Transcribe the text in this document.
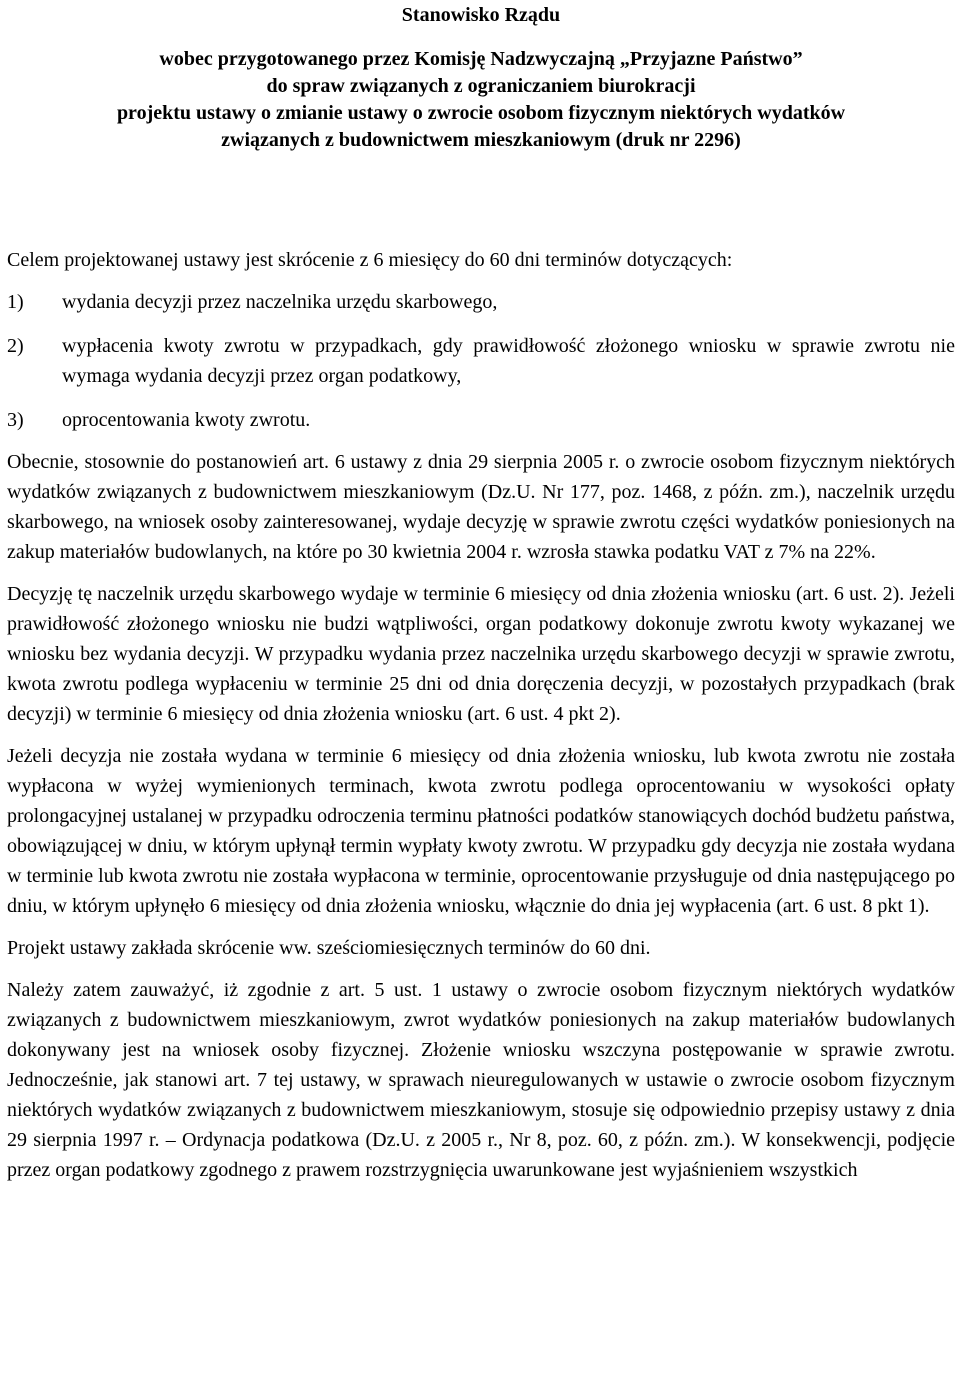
Stanowisko Rządu
wobec przygotowanego przez Komisję Nadzwyczajną „Przyjazne Państwo”
do spraw związanych z ograniczaniem biurokracji
projektu ustawy o zmianie ustawy o zwrocie osobom fizycznym niektórych wydatków
związanych z budownictwem mieszkaniowym (druk nr 2296)

Celem projektowanej ustawy jest skrócenie z 6 miesięcy do 60 dni terminów dotyczących:

1)	wydania decyzji przez naczelnika urzędu skarbowego,
2)	wypłacenia kwoty zwrotu w przypadkach, gdy prawidłowość złożonego wniosku w sprawie zwrotu nie wymaga wydania decyzji przez organ podatkowy,
3)	oprocentowania kwoty zwrotu.

Obecnie, stosownie do postanowień art. 6 ustawy z dnia 29 sierpnia 2005 r. o zwrocie osobom fizycznym niektórych wydatków związanych z budownictwem mieszkaniowym (Dz.U. Nr 177, poz. 1468, z późn. zm.), naczelnik urzędu skarbowego, na wniosek osoby zainteresowanej, wydaje decyzję w sprawie zwrotu części wydatków poniesionych na zakup materiałów budowlanych, na które po 30 kwietnia 2004 r. wzrosła stawka podatku VAT z 7% na 22%.

Decyzję tę naczelnik urzędu skarbowego wydaje w terminie 6 miesięcy od dnia złożenia wniosku (art. 6 ust. 2). Jeżeli prawidłowość złożonego wniosku nie budzi wątpliwości, organ podatkowy dokonuje zwrotu kwoty wykazanej we wniosku bez wydania decyzji. W przypadku wydania przez naczelnika urzędu skarbowego decyzji w sprawie zwrotu, kwota zwrotu podlega wypłaceniu w terminie 25 dni od dnia doręczenia decyzji, w pozostałych przypadkach (brak decyzji) w terminie 6 miesięcy od dnia złożenia wniosku (art. 6 ust. 4 pkt 2).

Jeżeli decyzja nie została wydana w terminie 6 miesięcy od dnia złożenia wniosku, lub kwota zwrotu nie została wypłacona w wyżej wymienionych terminach, kwota zwrotu podlega oprocentowaniu w wysokości opłaty prolongacyjnej ustalanej w przypadku odroczenia terminu płatności podatków stanowiących dochód budżetu państwa, obowiązującej w dniu, w którym upłynął termin wypłaty kwoty zwrotu. W przypadku gdy decyzja nie została wydana w terminie lub kwota zwrotu nie została wypłacona w terminie, oprocentowanie przysługuje od dnia następującego po dniu, w którym upłynęło 6 miesięcy od dnia złożenia wniosku, włącznie do dnia jej wypłacenia (art. 6 ust. 8 pkt 1).

Projekt ustawy zakłada skrócenie ww. sześciomiesięcznych terminów do 60 dni.

Należy zatem zauważyć, iż zgodnie z art. 5 ust. 1 ustawy o zwrocie osobom fizycznym niektórych wydatków związanych z budownictwem mieszkaniowym, zwrot wydatków poniesionych na zakup materiałów budowlanych dokonywany jest na wniosek osoby fizycznej. Złożenie wniosku wszczyna postępowanie w sprawie zwrotu. Jednocześnie, jak stanowi art. 7 tej ustawy, w sprawach nieuregulowanych w ustawie o zwrocie osobom fizycznym niektórych wydatków związanych z budownictwem mieszkaniowym, stosuje się odpowiednio przepisy ustawy z dnia 29 sierpnia 1997 r. – Ordynacja podatkowa (Dz.U. z 2005 r., Nr 8, poz. 60, z późn. zm.). W konsekwencji, podjęcie przez organ podatkowy zgodnego z prawem rozstrzygnięcia uwarunkowane jest wyjaśnieniem wszystkich
